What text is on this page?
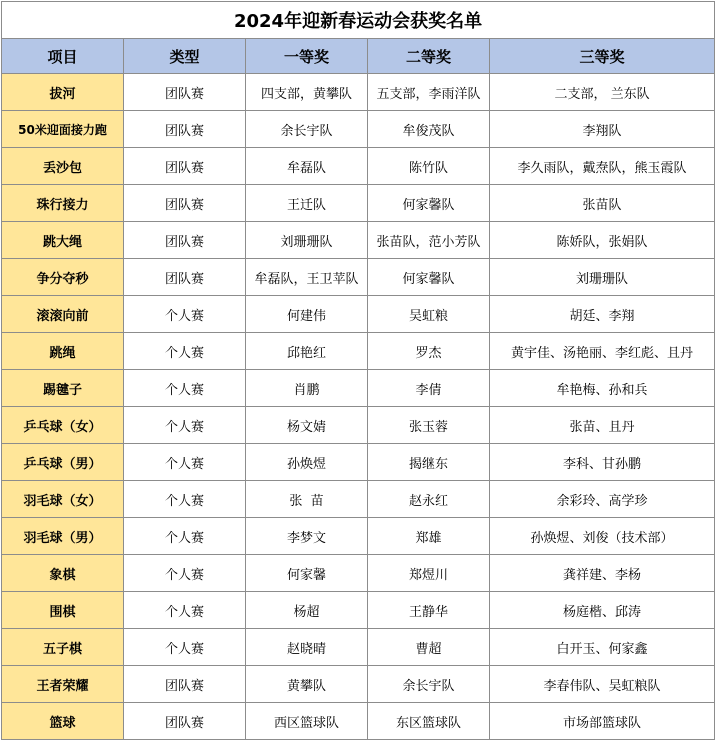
2024年迎新春运动会获奖名单				
项目	类型	一等奖	二等奖	三等奖
拔河	团队赛	四支部，黄攀队	五支部，李雨洋队	二支部， 兰东队
50米迎面接力跑	团队赛	余长宇队	牟俊茂队	李翔队
丢沙包	团队赛	牟磊队	陈竹队	李久雨队，戴焘队，熊玉霞队
珠行接力	团队赛	王迁队	何家馨队	张苗队
跳大绳	团队赛	刘珊珊队	张苗队，范小芳队	陈娇队，张娟队
争分夺秒	团队赛	牟磊队，王卫苹队	何家馨队	刘珊珊队
滚滚向前	个人赛	何建伟	吴虹粮	胡廷、李翔
跳绳	个人赛	邱艳红	罗杰	黄宇佳、汤艳丽、李红彪、且丹
踢毽子	个人赛	肖鹏	李倩	牟艳梅、孙和兵
乒乓球（女）	个人赛	杨文婧	张玉蓉	张苗、且丹
乒乓球（男）	个人赛	孙焕煜	揭继东	李科、甘孙鹏
羽毛球（女）	个人赛	张  苗	赵永红	余彩玲、高学珍
羽毛球（男）	个人赛	李梦文	郑雄	孙焕煜、刘俊（技术部）
象棋	个人赛	何家馨	郑煜川	龚祥建、李杨
围棋	个人赛	杨超	王静华	杨庭楷、邱涛
五子棋	个人赛	赵晓晴	曹超	白开玉、何家鑫
王者荣耀	团队赛	黄攀队	余长宇队	李春伟队、吴虹粮队
篮球	团队赛	西区篮球队	东区篮球队	市场部篮球队
